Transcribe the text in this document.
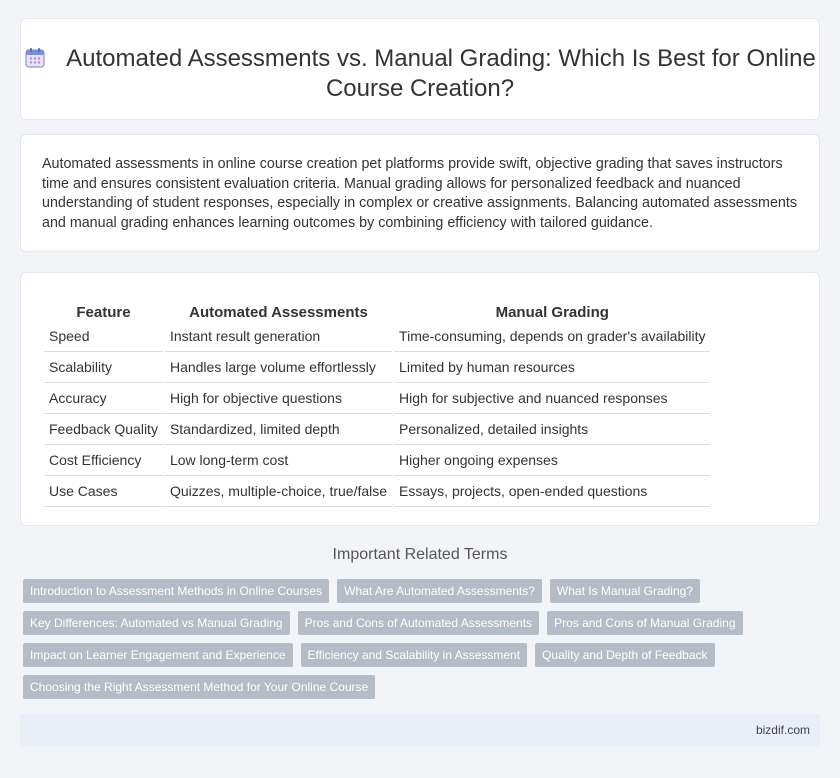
Automated Assessments vs. Manual Grading: Which Is Best for Online Course Creation?

Automated assessments in online course creation pet platforms provide swift, objective grading that saves instructors time and ensures consistent evaluation criteria. Manual grading allows for personalized feedback and nuanced understanding of student responses, especially in complex or creative assignments. Balancing automated assessments and manual grading enhances learning outcomes by combining efficiency with tailored guidance.

Feature	Automated Assessments	Manual Grading
Speed	Instant result generation	Time-consuming, depends on grader's availability
Scalability	Handles large volume effortlessly	Limited by human resources
Accuracy	High for objective questions	High for subjective and nuanced responses
Feedback Quality	Standardized, limited depth	Personalized, detailed insights
Cost Efficiency	Low long-term cost	Higher ongoing expenses
Use Cases	Quizzes, multiple-choice, true/false	Essays, projects, open-ended questions
Important Related Terms
Introduction to Assessment Methods in Online Courses	What Are Automated Assessments?	What Is Manual Grading?
Key Differences: Automated vs Manual Grading	Pros and Cons of Automated Assessments	Pros and Cons of Manual Grading
Impact on Learner Engagement and Experience	Efficiency and Scalability in Assessment	Quality and Depth of Feedback
Choosing the Right Assessment Method for Your Online Course
bizdif.com
